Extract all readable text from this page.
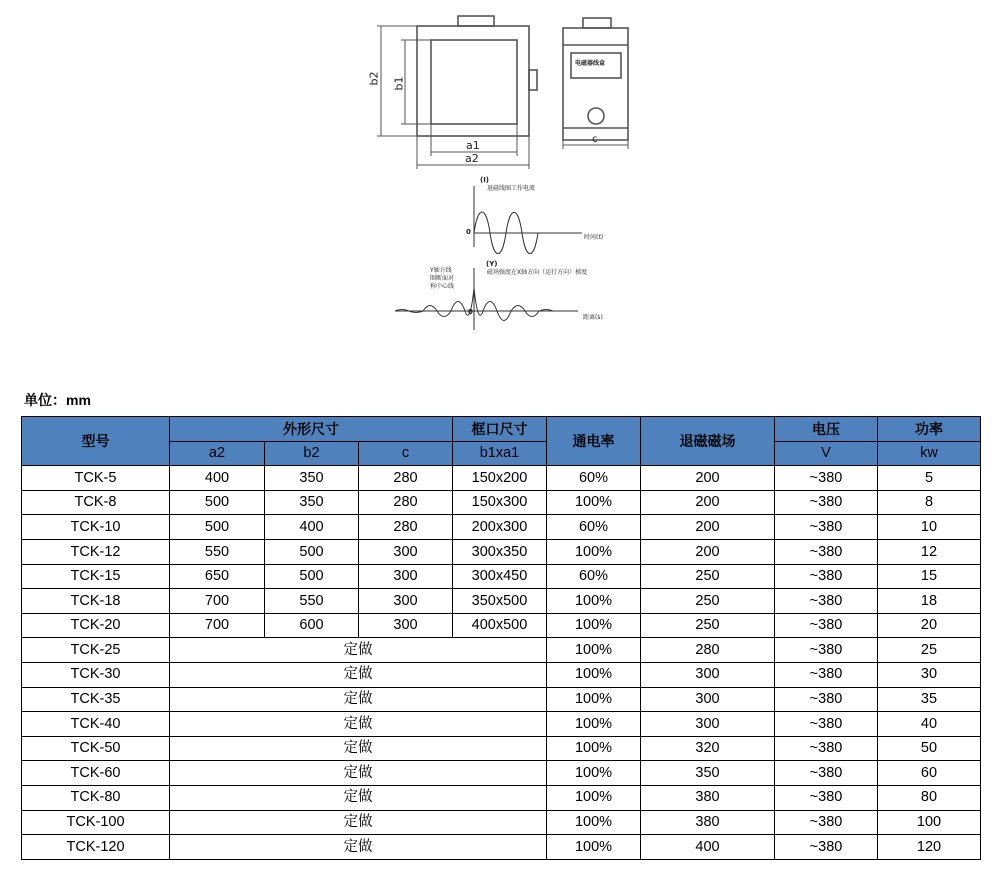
b2 b1
a1
a2
电磁器线盒
c
(I)
退磁线圈工作电流
0
时间(t)
(Y)
磁场强度在X轴方向（运行方向）梯度
Y轴方线
圈断面对
称中心线
0
距离(s)
单位：mm
型号	外形尺寸			框口尺寸	通电率	退磁磁场	电压	功率
	a2	b2	c	b1xa1			V	kw
TCK-5	400	350	280	150x200	60%	200	~380	5
TCK-8	500	350	280	150x300	100%	200	~380	8
TCK-10	500	400	280	200x300	60%	200	~380	10
TCK-12	550	500	300	300x350	100%	200	~380	12
TCK-15	650	500	300	300x450	60%	250	~380	15
TCK-18	700	550	300	350x500	100%	250	~380	18
TCK-20	700	600	300	400x500	100%	250	~380	20
TCK-25	定做				100%	280	~380	25
TCK-30	定做				100%	300	~380	30
TCK-35	定做				100%	300	~380	35
TCK-40	定做				100%	300	~380	40
TCK-50	定做				100%	320	~380	50
TCK-60	定做				100%	350	~380	60
TCK-80	定做				100%	380	~380	80
TCK-100	定做				100%	380	~380	100
TCK-120	定做				100%	400	~380	120
